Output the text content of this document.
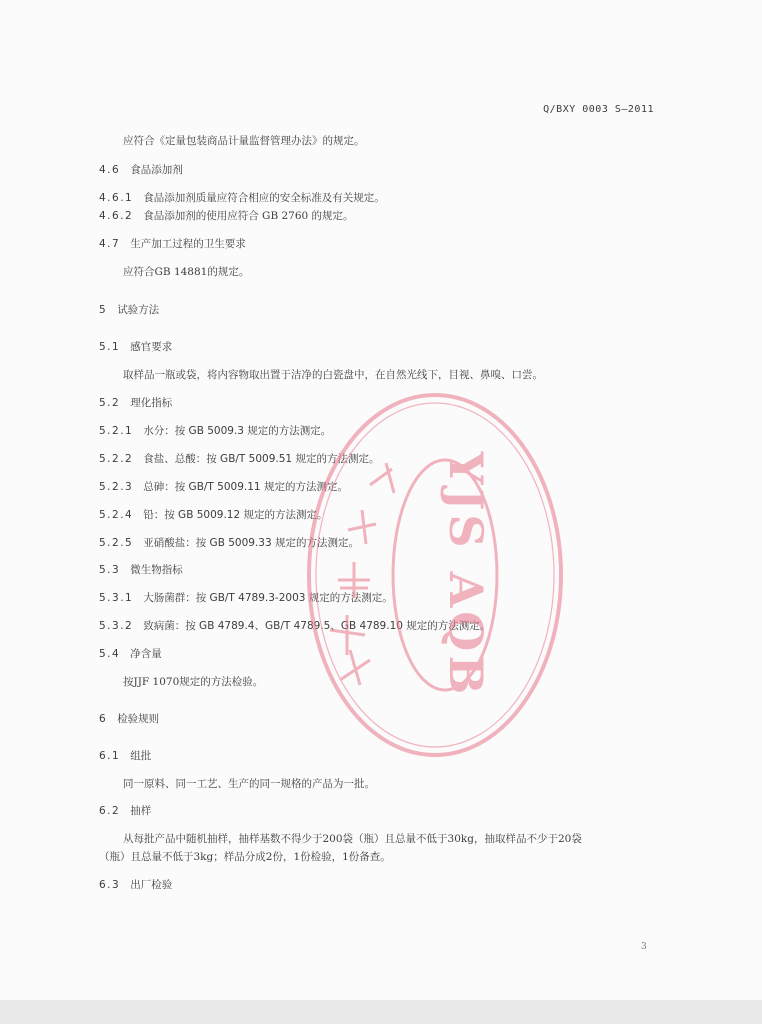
Q/BXY 0003 S—2011
应符合《定量包装商品计量监督管理办法》的规定。
4.6 食品添加剂
4.6.1 食品添加剂质量应符合相应的安全标准及有关规定。
4.6.2 食品添加剂的使用应符合 GB 2760 的规定。
4.7 生产加工过程的卫生要求
应符合GB 14881的规定。
5 试验方法
5.1 感官要求
取样品一瓶或袋，将内容物取出置于洁净的白瓷盘中，在自然光线下，目视、鼻嗅、口尝。
5.2 理化指标
5.2.1 水分：按 GB 5009.3 规定的方法测定。
5.2.2 食盐、总酸：按 GB/T 5009.51 规定的方法测定。
5.2.3 总砷：按 GB/T 5009.11 规定的方法测定。
5.2.4 铅：按 GB 5009.12 规定的方法测定。
5.2.5 亚硝酸盐：按 GB 5009.33 规定的方法测定。
5.3 微生物指标
5.3.1 大肠菌群：按 GB/T 4789.3-2003 规定的方法测定。
5.3.2 致病菌：按 GB 4789.4、GB/T 4789.5、GB 4789.10 规定的方法测定。
5.4 净含量
按JJF 1070规定的方法检验。
6 检验规则
6.1 组批
同一原料、同一工艺、生产的同一规格的产品为一批。
6.2 抽样
从每批产品中随机抽样，抽样基数不得少于200袋（瓶）且总量不低于30kg，抽取样品不少于20袋
（瓶）且总量不低于3kg；样品分成2份，1份检验，1份备查。
6.3 出厂检验
3
YJS AQB
